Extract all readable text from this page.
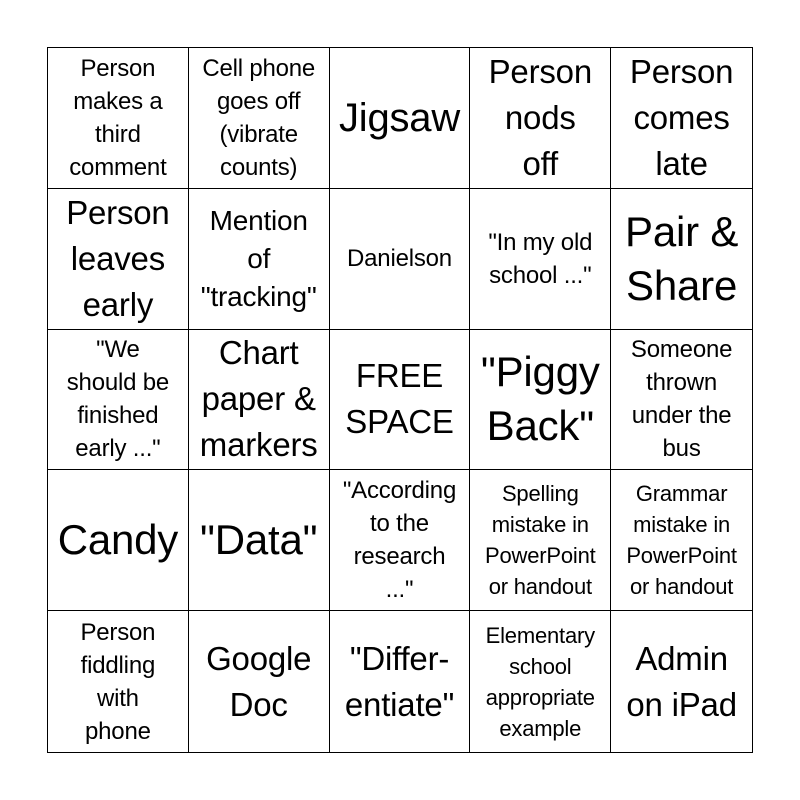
Person
makes a
third
comment
Cell phone
goes off
(vibrate
counts)
Jigsaw
Person
nods
off
Person
comes
late
Person
leaves
early
Mention
of
"tracking"
Danielson
"In my old
school ..."
Pair &
Share
"We
should be
finished
early ..."
Chart
paper &
markers
FREE
SPACE
"Piggy
Back"
Someone
thrown
under the
bus
Candy "Data"
"According
to the
research
..."
Spelling
mistake in
PowerPoint
or handout
Grammar
mistake in
PowerPoint
or handout
Person
fiddling
with
phone
Google
Doc
"Differ-
entiate"
Elementary
school
appropriate
example
Admin
on iPad
